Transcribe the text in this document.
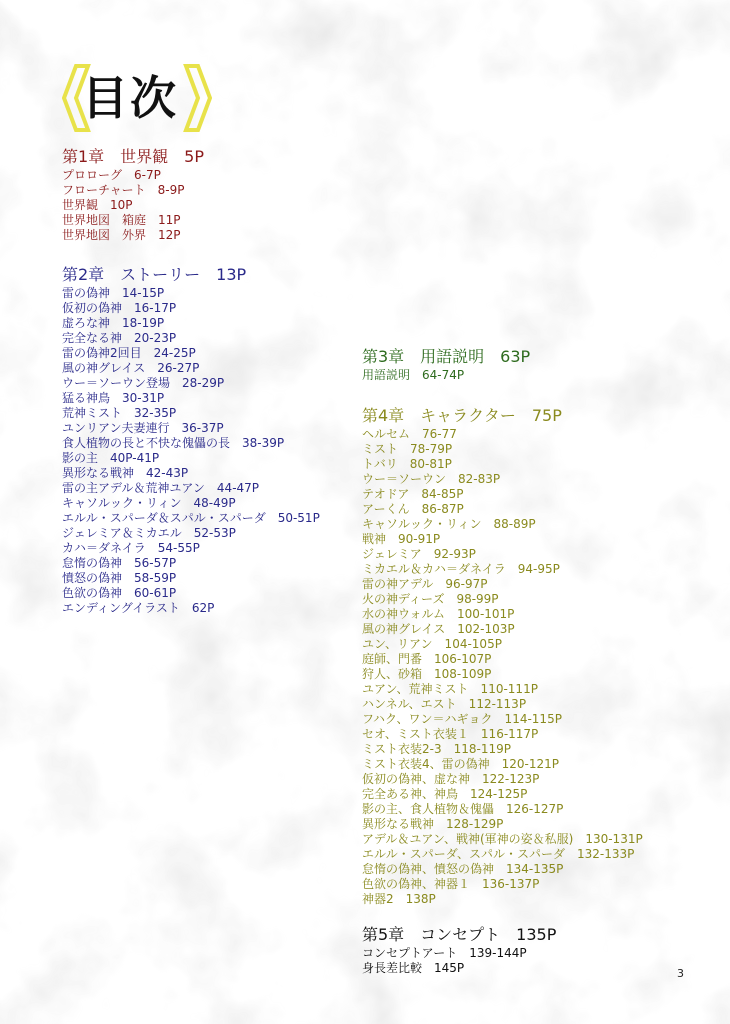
目次
第1章　世界観　5P
プロローグ　6-7P
フローチャート　8-9P
世界観　10P
世界地図　箱庭　11P
世界地図　外界　12P
第2章　ストーリー　13P
雷の偽神　14-15P
仮初の偽神　16-17P
虚ろな神　18-19P
完全なる神　20-23P
雷の偽神2回目　24-25P
風の神グレイス　26-27P
ウー＝ソーウン登場　28-29P
猛る神鳥　30-31P
荒神ミスト　32-35P
ユンリアン夫妻連行　36-37P
食人植物の長と不快な傀儡の長　38-39P
影の主　40P-41P
異形なる戦神　42-43P
雷の主アデル＆荒神ユアン　44-47P
キャソルック・リィン　48-49P
エルル・スパーダ＆スパル・スパーダ　50-51P
ジェレミア＆ミカエル　52-53P
カハ＝ダネイラ　54-55P
怠惰の偽神　56-57P
憤怒の偽神　58-59P
色欲の偽神　60-61P
エンディングイラスト　62P
第3章　用語説明　63P
用語説明　64-74P
第4章　キャラクター　75P
ヘルセム　76-77
ミスト　78-79P
トバリ　80-81P
ウー＝ソーウン　82-83P
テオドア　84-85P
アーくん　86-87P
キャソルック・リィン　88-89P
戦神　90-91P
ジェレミア　92-93P
ミカエル＆カハ＝ダネイラ　94-95P
雷の神アデル　96-97P
火の神ディーズ　98-99P
水の神ウォルム　100-101P
風の神グレイス　102-103P
ユン、リアン　104-105P
庭師、門番　106-107P
狩人、砂箱　108-109P
ユアン、荒神ミスト　110-111P
ハンネル、エスト　112-113P
フハク、ワン＝ハギョク　114-115P
セオ、ミスト衣装１　116-117P
ミスト衣装2-3　118-119P
ミスト衣装4、雷の偽神　120-121P
仮初の偽神、虚な神　122-123P
完全ある神、神鳥　124-125P
影の主、食人植物＆傀儡　126-127P
異形なる戦神　128-129P
アデル＆ユアン、戦神(軍神の姿＆私服)　130-131P
エルル・スパーダ、スパル・スパーダ　132-133P
怠惰の偽神、憤怒の偽神　134-135P
色欲の偽神、神器１　136-137P
神器2　138P
第5章　コンセプト　135P
コンセプトアート　139-144P
身長差比較　145P	3
